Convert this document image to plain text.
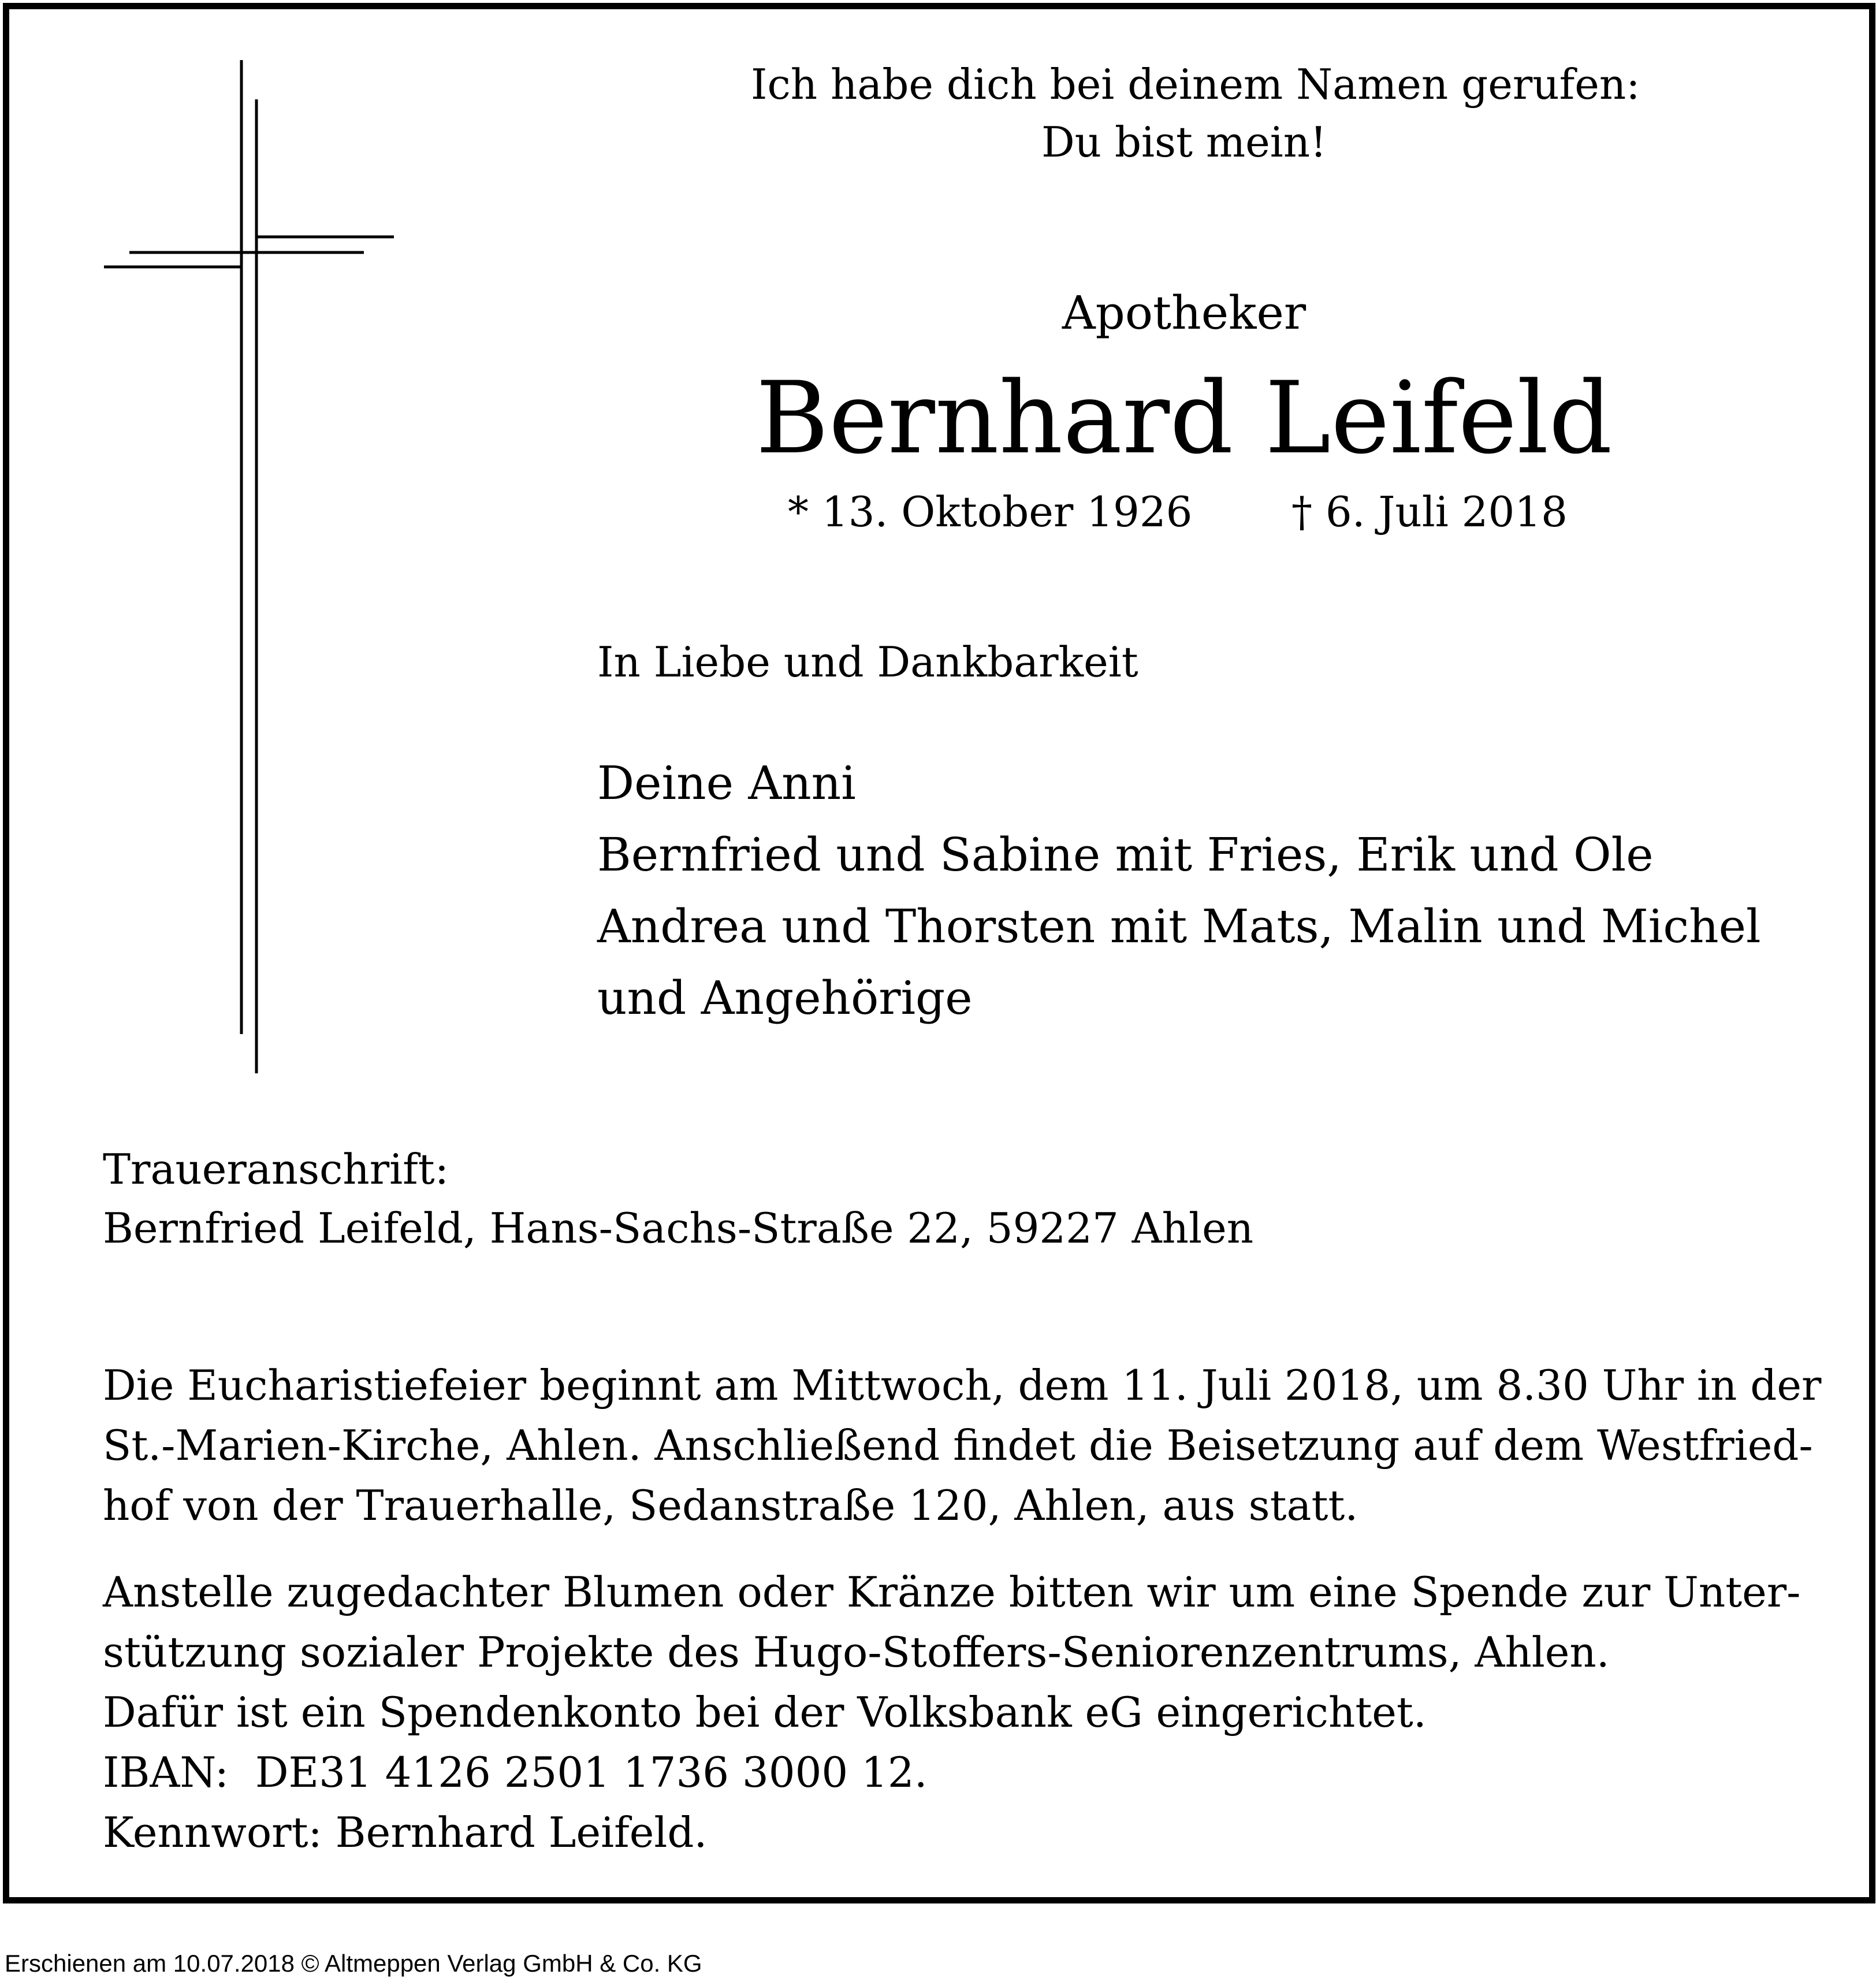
Ich habe dich bei deinem Namen gerufen:

Du bist mein!

Apotheker

Bernhard Leifeld

* 13. Oktober 1926 † 6. Juli 2018

In Liebe und Dankbarkeit

Deine Anni

Bernfried und Sabine mit Fries, Erik und Ole

Andrea und Thorsten mit Mats, Malin und Michel

und Angehörige

Traueranschrift:

Bernfried Leifeld, Hans-Sachs-Straße 22, 59227 Ahlen

Die Eucharistiefeier beginnt am Mittwoch, dem 11. Juli 2018, um 8.30 Uhr in der

St.-Marien-Kirche, Ahlen. Anschließend findet die Beisetzung auf dem Westfried-

hof von der Trauerhalle, Sedanstraße 120, Ahlen, aus statt.

Anstelle zugedachter Blumen oder Kränze bitten wir um eine Spende zur Unter-

stützung sozialer Projekte des Hugo-Stoffers-Seniorenzentrums, Ahlen.

Dafür ist ein Spendenkonto bei der Volksbank eG eingerichtet.

IBAN:  DE31 4126 2501 1736 3000 12.

Kennwort: Bernhard Leifeld.

Erschienen am 10.07.2018 © Altmeppen Verlag GmbH & Co. KG
